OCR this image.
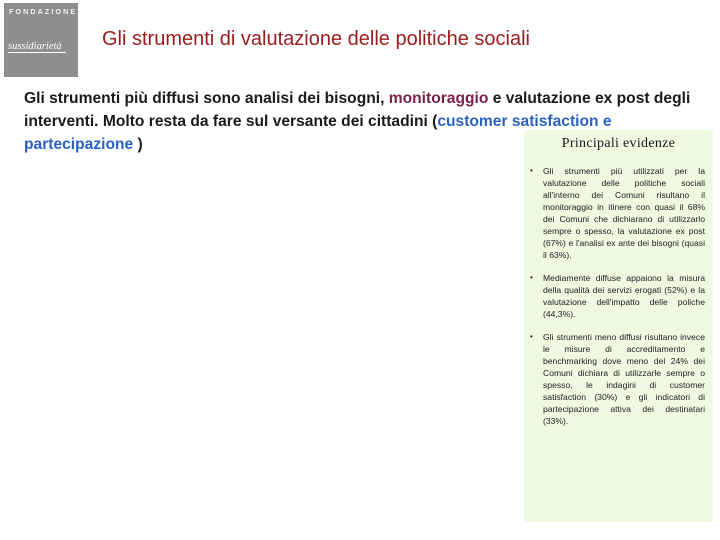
FONDAZIONE
sussidiarietà Gli strumenti di valutazione delle politiche sociali
Gli strumenti più diffusi sono analisi dei bisogni, monitoraggio e valutazione ex post degli interventi. Molto resta da fare sul versante dei cittadini (customer satisfaction e partecipazione )	Principali evidenze
• Gli strumenti più utilizzati per la valutazione delle politiche sociali all'interno dei Comuni risultano il monitoraggio in itinere con quasi il 68% dei Comuni che dichiarano di utilizzarlo sempre o spesso, la valutazione ex post (67%) e l'analisi ex ante dei bisogni (quasi il 63%).
• Mediamente diffuse appaiono la misura della qualità dei servizi erogati (52%) e la valutazione dell'impatto delle poliche (44,3%).
• Gli strumenti meno diffusi risultano invece le misure di accreditamento e benchmarking dove meno del 24% dei Comuni dichiara di utilizzarle sempre o spesso, le indagini di customer satisfaction (30%) e gli indicatori di partecipazione attiva dei destinatari (33%).
